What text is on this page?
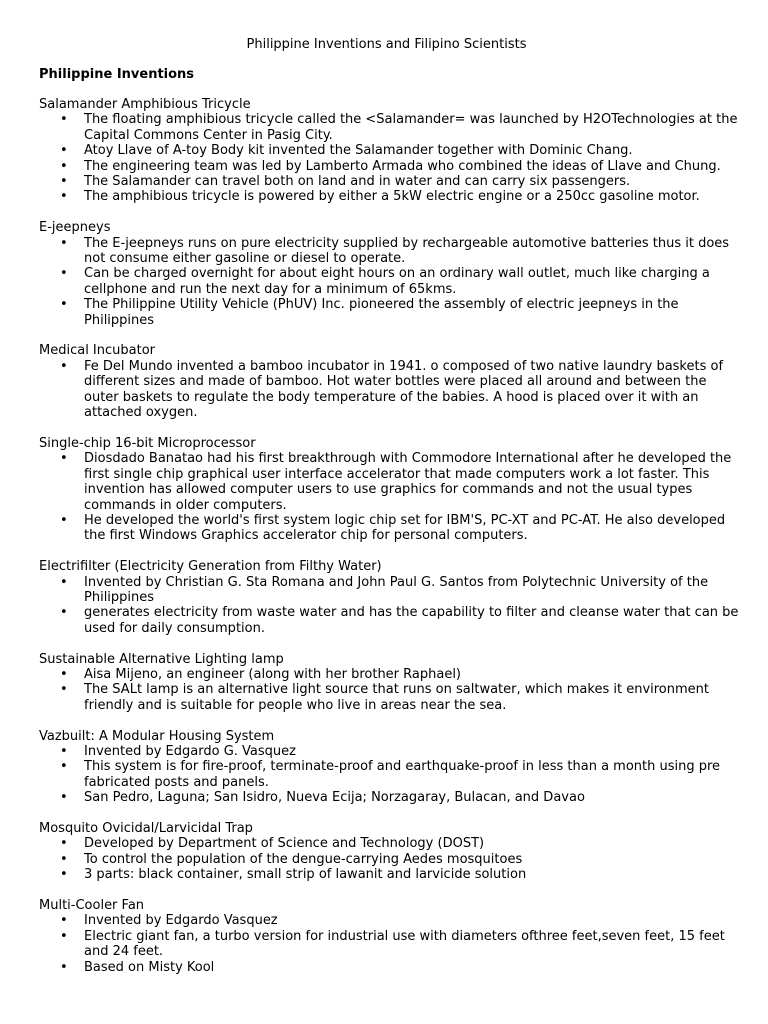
Philippine Inventions and Filipino Scientists
Philippine Inventions
Salamander Amphibious Tricycle
• The floating amphibious tricycle called the <Salamander= was launched by H2OTechnologies at the Capital Commons Center in Pasig City.
• Atoy Llave of A-toy Body kit invented the Salamander together with Dominic Chang.
• The engineering team was led by Lamberto Armada who combined the ideas of Llave and Chung.
• The Salamander can travel both on land and in water and can carry six passengers.
• The amphibious tricycle is powered by either a 5kW electric engine or a 250cc gasoline motor.
E-jeepneys
• The E-jeepneys runs on pure electricity supplied by rechargeable automotive batteries thus it does not consume either gasoline or diesel to operate.
• Can be charged overnight for about eight hours on an ordinary wall outlet, much like charging a cellphone and run the next day for a minimum of 65kms.
• The Philippine Utility Vehicle (PhUV) Inc. pioneered the assembly of electric jeepneys in the Philippines
Medical Incubator
• Fe Del Mundo invented a bamboo incubator in 1941. o composed of two native laundry baskets of different sizes and made of bamboo. Hot water bottles were placed all around and between the outer baskets to regulate the body temperature of the babies. A hood is placed over it with an attached oxygen.
Single-chip 16-bit Microprocessor
• Diosdado Banatao had his first breakthrough with Commodore International after he developed the first single chip graphical user interface accelerator that made computers work a lot faster. This invention has allowed computer users to use graphics for commands and not the usual types commands in older computers.
• He developed the world's first system logic chip set for IBM'S, PC-XT and PC-AT. He also developed the first Windows Graphics accelerator chip for personal computers.
Electrifilter (Electricity Generation from Filthy Water)
• Invented by Christian G. Sta Romana and John Paul G. Santos from Polytechnic University of the Philippines
• generates electricity from waste water and has the capability to filter and cleanse water that can be used for daily consumption.
Sustainable Alternative Lighting lamp
• Aisa Mijeno, an engineer (along with her brother Raphael)
• The SALt lamp is an alternative light source that runs on saltwater, which makes it environment friendly and is suitable for people who live in areas near the sea.
Vazbuilt: A Modular Housing System
• Invented by Edgardo G. Vasquez
• This system is for fire-proof, terminate-proof and earthquake-proof in less than a month using pre fabricated posts and panels.
• San Pedro, Laguna; San Isidro, Nueva Ecija; Norzagaray, Bulacan, and Davao
Mosquito Ovicidal/Larvicidal Trap
• Developed by Department of Science and Technology (DOST)
• To control the population of the dengue-carrying Aedes mosquitoes
• 3 parts: black container, small strip of lawanit and larvicide solution
Multi-Cooler Fan
• Invented by Edgardo Vasquez
• Electric giant fan, a turbo version for industrial use with diameters ofthree feet,seven feet, 15 feet and 24 feet.
• Based on Misty Kool
